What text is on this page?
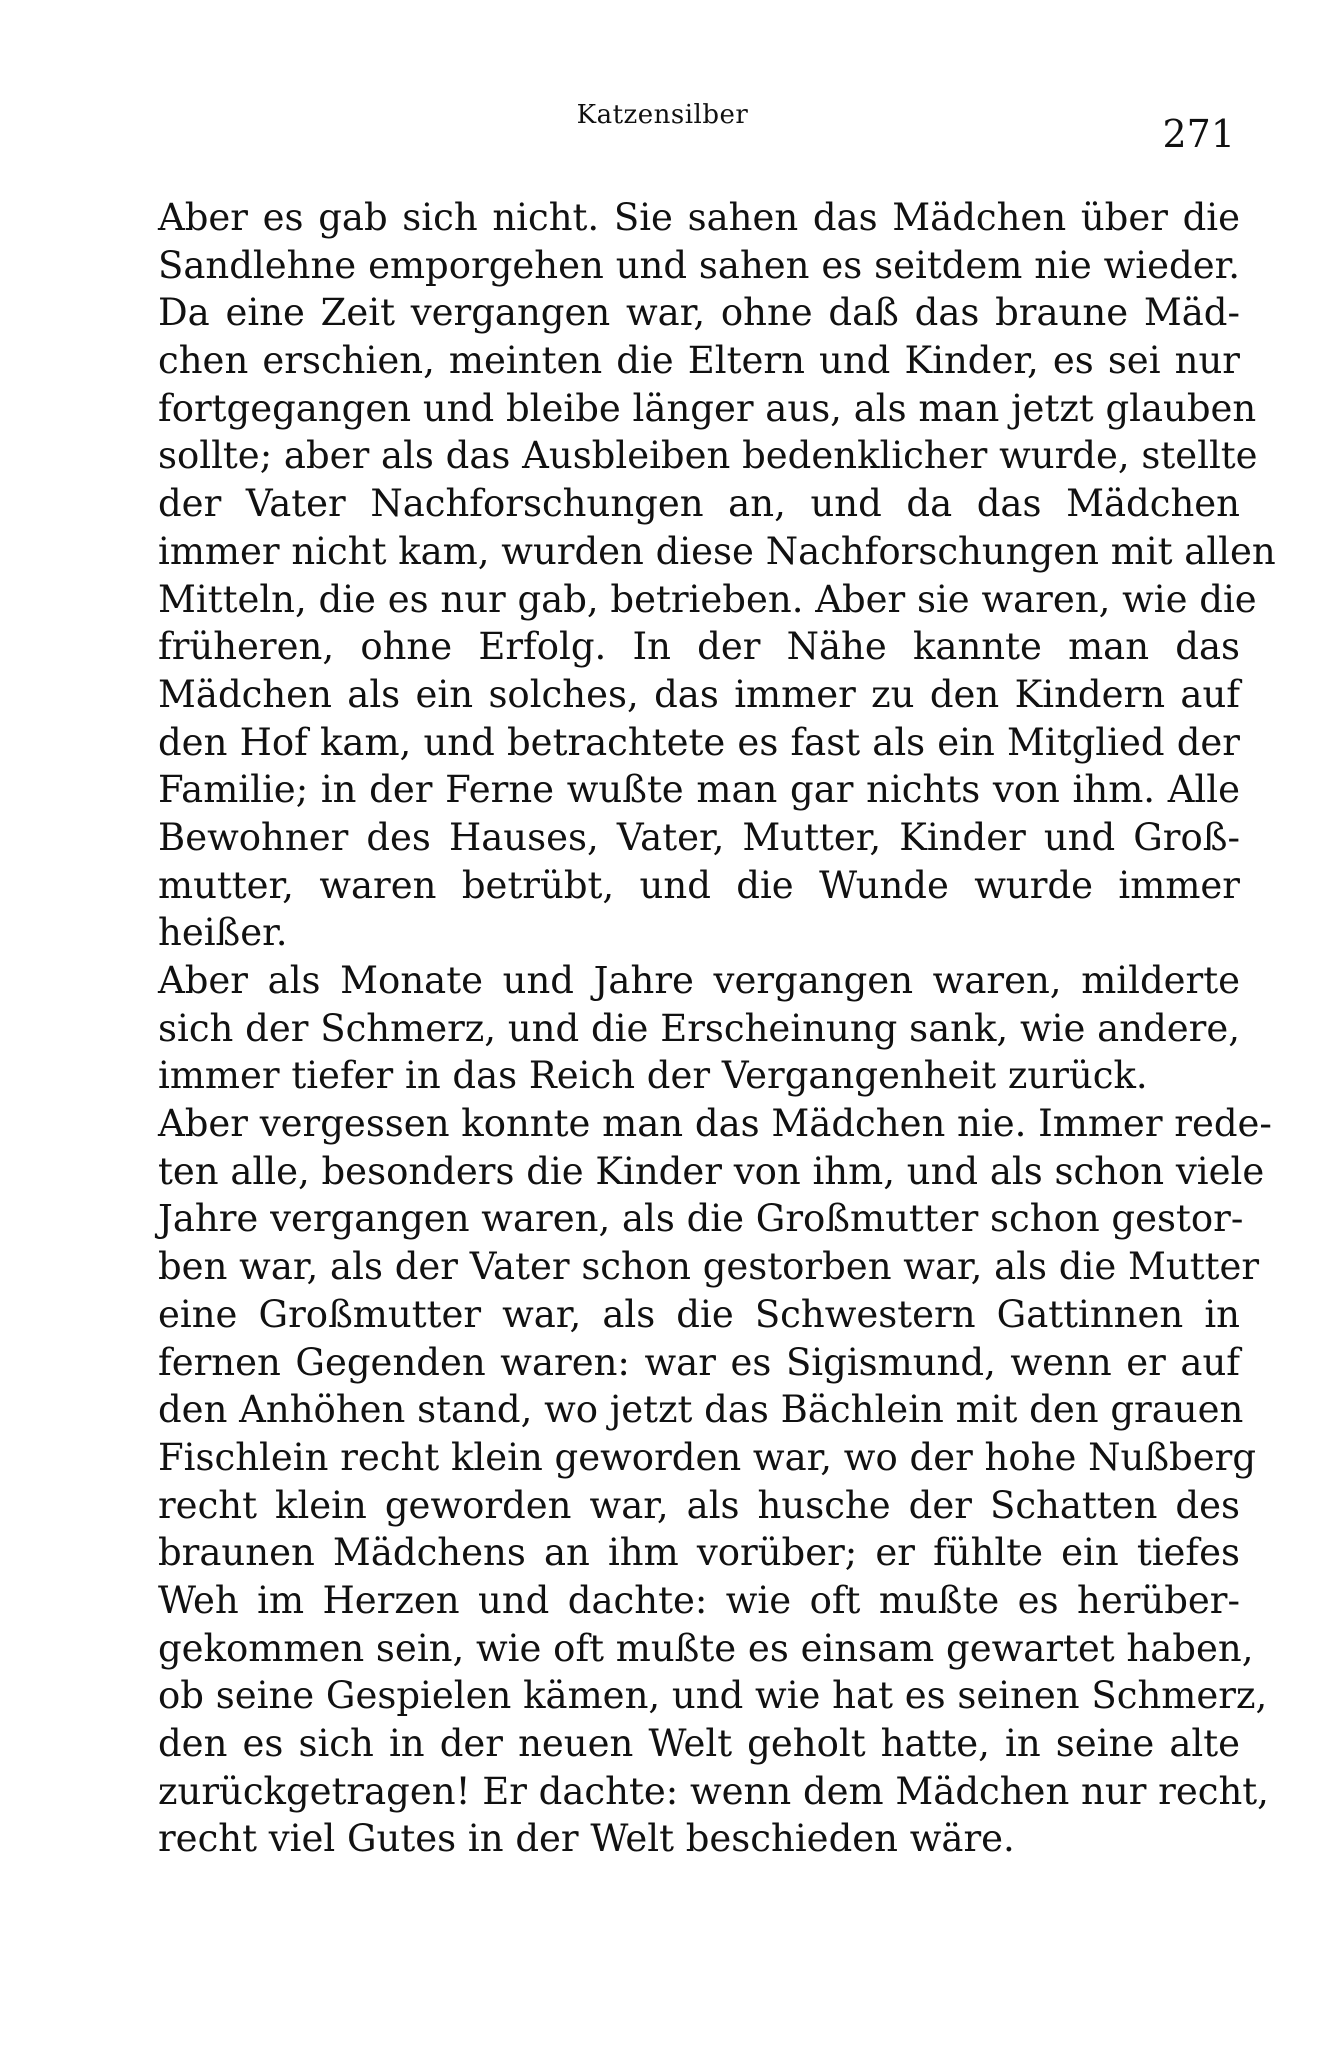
Katzensilber	271
Aber es gab sich nicht. Sie sahen das Mädchen über die
Sandlehne emporgehen und sahen es seitdem nie wieder.
Da eine Zeit vergangen war, ohne daß das braune Mäd-
chen erschien, meinten die Eltern und Kinder, es sei nur
fortgegangen und bleibe länger aus, als man jetzt glauben
sollte; aber als das Ausbleiben bedenklicher wurde, stellte
der Vater Nachforschungen an, und da das Mädchen
immer nicht kam, wurden diese Nachforschungen mit allen
Mitteln, die es nur gab, betrieben. Aber sie waren, wie die
früheren, ohne Erfolg. In der Nähe kannte man das
Mädchen als ein solches, das immer zu den Kindern auf
den Hof kam, und betrachtete es fast als ein Mitglied der
Familie; in der Ferne wußte man gar nichts von ihm. Alle
Bewohner des Hauses, Vater, Mutter, Kinder und Groß-
mutter, waren betrübt, und die Wunde wurde immer
heißer.
Aber als Monate und Jahre vergangen waren, milderte
sich der Schmerz, und die Erscheinung sank, wie andere,
immer tiefer in das Reich der Vergangenheit zurück.
Aber vergessen konnte man das Mädchen nie. Immer rede-
ten alle, besonders die Kinder von ihm, und als schon viele
Jahre vergangen waren, als die Großmutter schon gestor-
ben war, als der Vater schon gestorben war, als die Mutter
eine Großmutter war, als die Schwestern Gattinnen in
fernen Gegenden waren: war es Sigismund, wenn er auf
den Anhöhen stand, wo jetzt das Bächlein mit den grauen
Fischlein recht klein geworden war, wo der hohe Nußberg
recht klein geworden war, als husche der Schatten des
braunen Mädchens an ihm vorüber; er fühlte ein tiefes
Weh im Herzen und dachte: wie oft mußte es herüber-
gekommen sein, wie oft mußte es einsam gewartet haben,
ob seine Gespielen kämen, und wie hat es seinen Schmerz,
den es sich in der neuen Welt geholt hatte, in seine alte
zurückgetragen! Er dachte: wenn dem Mädchen nur recht,
recht viel Gutes in der Welt beschieden wäre.
